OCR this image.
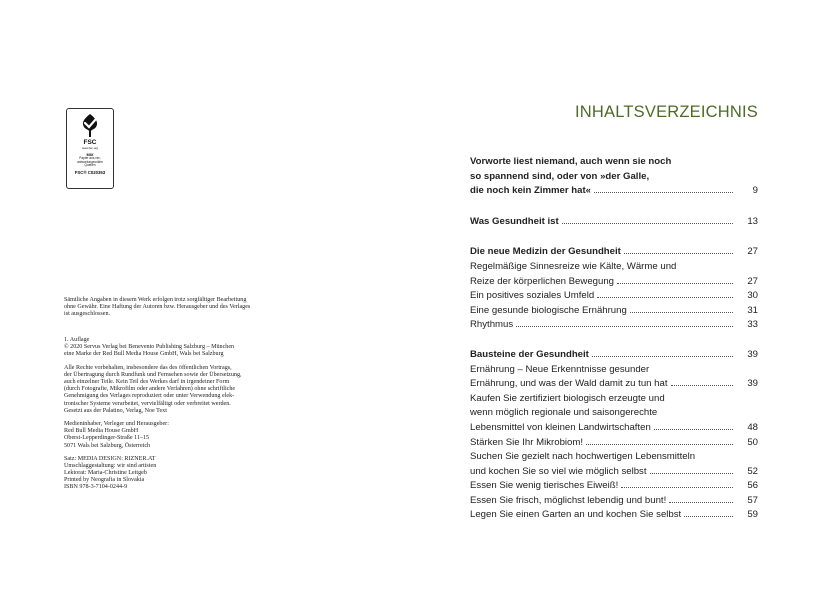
FSC
www.fsc.org
MIX
Papier aus ver-
antwortungsvollen
Quellen
FSC® C020353
Sämtliche Angaben in diesem Werk erfolgen trotz sorgfältiger Bearbeitung
ohne Gewähr. Eine Haftung der Autoren bzw. Herausgeber und des Verlages
ist ausgeschlossen.
1. Auflage
© 2020 Servus Verlag bei Benevento Publishing Salzburg – München
eine Marke der Red Bull Media House GmbH, Wals bei Salzburg
Alle Rechte vorbehalten, insbesondere das des öffentlichen Vortrags,
der Übertragung durch Rundfunk und Fernsehen sowie der Übersetzung,
auch einzelner Teile. Kein Teil des Werkes darf in irgendeiner Form
(durch Fotografie, Mikrofilm oder andere Verfahren) ohne schriftliche
Genehmigung des Verlages reproduziert oder unter Verwendung elek-
tronischer Systeme verarbeitet, vervielfältigt oder verbreitet werden.
Gesetzt aus der Palatino, Verlag, Noe Text
Medieninhaber, Verleger und Herausgeber:
Red Bull Media House GmbH
Oberst-Lepperdinger-Straße 11–15
5071 Wals bei Salzburg, Österreich
Satz: MEDIA DESIGN: RIZNER.AT
Umschlaggestaltung: wir sind artisten
Lektorat: Maria-Christine Leitgeb
Printed by Neografia in Slovakia
ISBN 978-3-7104-0244-9
INHALTSVERZEICHNIS
Vorworte liest niemand, auch wenn sie noch
so spannend sind, oder von »der Galle,
die noch kein Zimmer hat«	9
Was Gesundheit ist	13
Die neue Medizin der Gesundheit	27
Regelmäßige Sinnesreize wie Kälte, Wärme und
Reize der körperlichen Bewegung	27
Ein positives soziales Umfeld	30
Eine gesunde biologische Ernährung	31
Rhythmus	33
Bausteine der Gesundheit	39
Ernährung – Neue Erkenntnisse gesunder
Ernährung, und was der Wald damit zu tun hat	39
Kaufen Sie zertifiziert biologisch erzeugte und
wenn möglich regionale und saisongerechte
Lebensmittel von kleinen Landwirtschaften	48
Stärken Sie Ihr Mikrobiom!	50
Suchen Sie gezielt nach hochwertigen Lebensmitteln
und kochen Sie so viel wie möglich selbst	52
Essen Sie wenig tierisches Eiweiß!	56
Essen Sie frisch, möglichst lebendig und bunt!	57
Legen Sie einen Garten an und kochen Sie selbst	59
